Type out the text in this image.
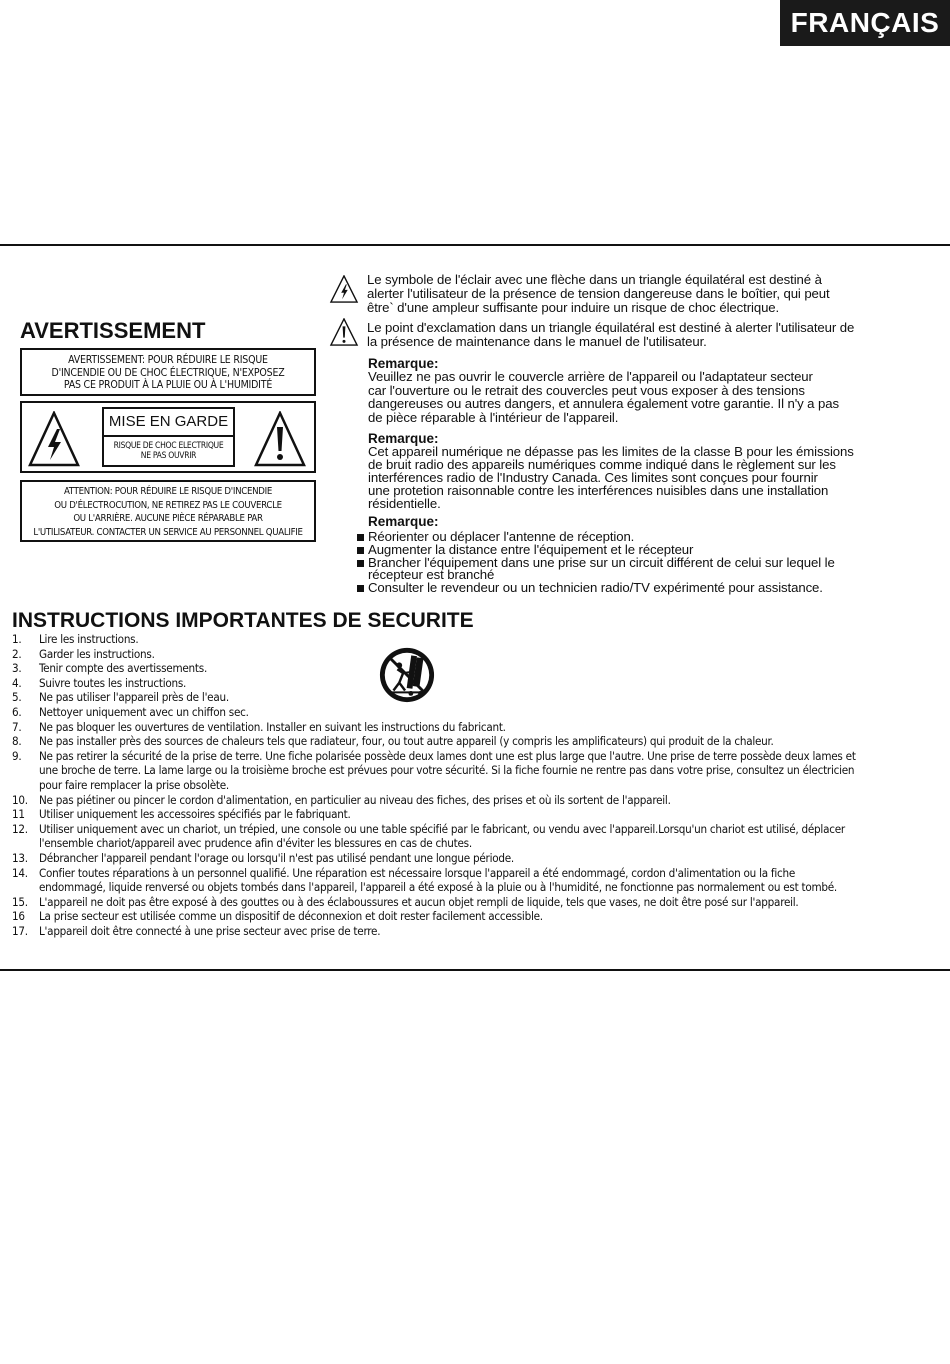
FRANÇAIS
AVERTISSEMENT
AVERTISSEMENT: POUR RÉDUIRE LE RISQUE
D'INCENDIE OU DE CHOC ÉLECTRIQUE, N'EXPOSEZ
PAS CE PRODUIT À LA PLUIE OU À L'HUMIDITÉ
MISE EN GARDE
RISQUE DE CHOC ELECTRIQUE
NE PAS OUVRIR
ATTENTION: POUR RÉDUIRE LE RISQUE D'INCENDIE
OU D'ÉLECTROCUTION, NE RETIREZ PAS LE COUVERCLE
OU L'ARRIÈRE. AUCUNE PIÈCE RÉPARABLE PAR
L'UTILISATEUR. CONTACTER UN SERVICE AU PERSONNEL QUALIFIE
Le symbole de l'éclair avec une flèche dans un triangle équilatéral est destiné à
alerter l'utilisateur de la présence de tension dangereuse dans le boîtier, qui peut
être` d'une ampleur suffisante pour induire un risque de choc électrique.
Le point d'exclamation dans un triangle équilatéral est destiné à alerter l'utilisateur de
la présence de maintenance dans le manuel de l'utilisateur.
Remarque:
Veuillez ne pas ouvrir le couvercle arrière de l'appareil ou l'adaptateur secteur
car l'ouverture ou le retrait des couvercles peut vous exposer à des tensions
dangereuses ou autres dangers, et annulera également votre garantie. Il n'y a pas
de pièce réparable à l'intérieur de l'appareil.
Remarque:
Cet appareil numérique ne dépasse pas les limites de la classe B pour les émissions
de bruit radio des appareils numériques comme indiqué dans le règlement sur les
interférences radio de l'Industry Canada. Ces limites sont conçues pour fournir
une protetion raisonnable contre les interférences nuisibles dans une installation
résidentielle.
Remarque:
Réorienter ou déplacer l'antenne de réception.
Augmenter la distance entre l'équipement et le récepteur
Brancher l'équipement dans une prise sur un circuit différent de celui sur lequel le
récepteur est branché
Consulter le revendeur ou un technicien radio/TV expérimenté pour assistance.
INSTRUCTIONS IMPORTANTES DE SECURITE
1. Lire les instructions.
2. Garder les instructions.
3. Tenir compte des avertissements.
4. Suivre toutes les instructions.
5. Ne pas utiliser l'appareil près de l'eau.
6. Nettoyer uniquement avec un chiffon sec.
7. Ne pas bloquer les ouvertures de ventilation. Installer en suivant les instructions du fabricant.
8. Ne pas installer près des sources de chaleurs tels que radiateur, four, ou tout autre appareil (y compris les amplificateurs) qui produit de la chaleur.
9. Ne pas retirer la sécurité de la prise de terre. Une fiche polarisée possède deux lames dont une est plus large que l'autre. Une prise de terre possède deux lames et
une broche de terre. La lame large ou la troisième broche est prévues pour votre sécurité. Si la fiche fournie ne rentre pas dans votre prise, consultez un électricien
pour faire remplacer la prise obsolète.
10. Ne pas piétiner ou pincer le cordon d'alimentation, en particulier au niveau des fiches, des prises et où ils sortent de l'appareil.
11 Utiliser uniquement les accessoires spécifiés par le fabriquant.
12. Utiliser uniquement avec un chariot, un trépied, une console ou une table spécifié par le fabricant, ou vendu avec l'appareil.Lorsqu'un chariot est utilisé, déplacer
l'ensemble chariot/appareil avec prudence afin d'éviter les blessures en cas de chutes.
13. Débrancher l'appareil pendant l'orage ou lorsqu'il n'est pas utilisé pendant une longue période.
14. Confier toutes réparations à un personnel qualifié. Une réparation est nécessaire lorsque l'appareil a été endommagé, cordon d'alimentation ou la fiche
endommagé, liquide renversé ou objets tombés dans l'appareil, l'appareil a été exposé à la pluie ou à l'humidité, ne fonctionne pas normalement ou est tombé.
15. L'appareil ne doit pas être exposé à des gouttes ou à des éclaboussures et aucun objet rempli de liquide, tels que vases, ne doit être posé sur l'appareil.
16 La prise secteur est utilisée comme un dispositif de déconnexion et doit rester facilement accessible.
17. L'appareil doit être connecté à une prise secteur avec prise de terre.
